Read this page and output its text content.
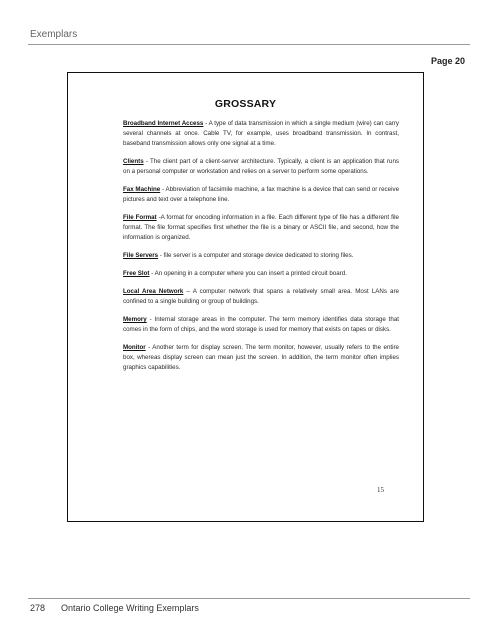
Exemplars
Page 20
GROSSARY

Broadband Internet Access - A type of data transmission in which a single medium (wire) can carry several channels at once. Cable TV, for example, uses broadband transmission. In contrast, baseband transmission allows only one signal at a time.

Clients - The client part of a client-server architecture. Typically, a client is an application that runs on a personal computer or workstation and relies on a server to perform some operations.

Fax Machine - Abbreviation of facsimile machine, a fax machine is a device that can send or receive pictures and text over a telephone line.

File Format -A format for encoding information in a file. Each different type of file has a different file format. The file format specifies first whether the file is a binary or ASCII file, and second, how the information is organized.

File Servers - file server is a computer and storage device dedicated to storing files.

Free Slot - An opening in a computer where you can insert a printed circuit board.

Local Area Network – A computer network that spans a relatively small area. Most LANs are confined to a single building or group of buildings.

Memory - Internal storage areas in the computer. The term memory identifies data storage that comes in the form of chips, and the word storage is used for memory that exists on tapes or disks.

Monitor - Another term for display screen. The term monitor, however, usually refers to the entire box, whereas display screen can mean just the screen. In addition, the term monitor often implies graphics capabilities.

15
278 Ontario College Writing Exemplars
